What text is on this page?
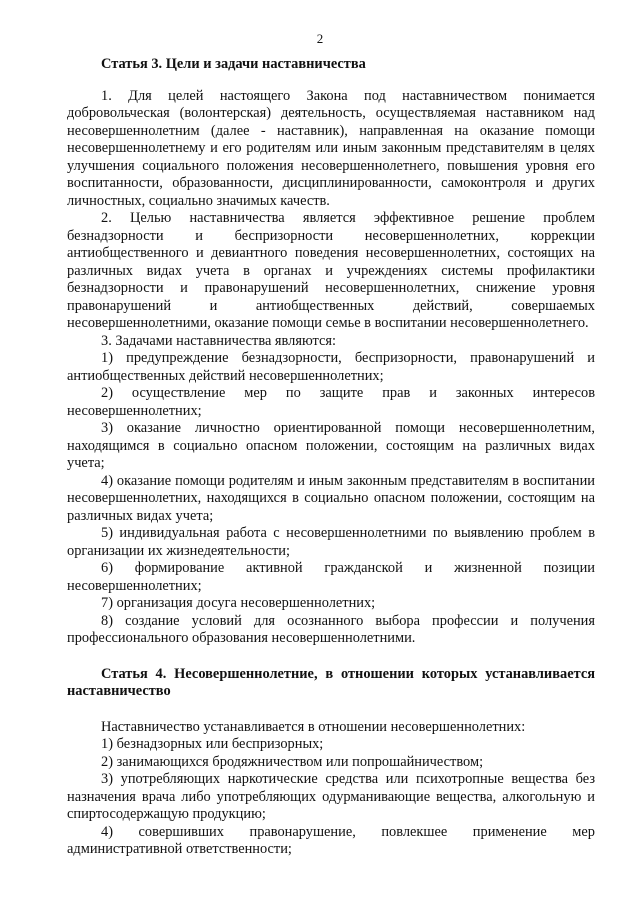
2
Статья 3. Цели и задачи наставничества
1. Для целей настоящего Закона под наставничеством понимается добровольческая (волонтерская) деятельность, осуществляемая наставником над несовершеннолетним (далее - наставник), направленная на оказание помощи несовершеннолетнему и его родителям или иным законным представителям в целях улучшения социального положения несовершеннолетнего, повышения уровня его воспитанности, образованности, дисциплинированности, самоконтроля и других личностных, социально значимых качеств.
2. Целью наставничества является эффективное решение проблем безнадзорности и беспризорности несовершеннолетних, коррекции антиобщественного и девиантного поведения несовершеннолетних, состоящих на различных видах учета в органах и учреждениях системы профилактики безнадзорности и правонарушений несовершеннолетних, снижение уровня правонарушений и антиобщественных действий, совершаемых несовершеннолетними, оказание помощи семье в воспитании несовершеннолетнего.
3. Задачами наставничества являются:
1) предупреждение безнадзорности, беспризорности, правонарушений и антиобщественных действий несовершеннолетних;
2) осуществление мер по защите прав и законных интересов несовершеннолетних;
3) оказание личностно ориентированной помощи несовершеннолетним, находящимся в социально опасном положении, состоящим на различных видах учета;
4) оказание помощи родителям и иным законным представителям в воспитании несовершеннолетних, находящихся в социально опасном положении, состоящим на различных видах учета;
5) индивидуальная работа с несовершеннолетними по выявлению проблем в организации их жизнедеятельности;
6) формирование активной гражданской и жизненной позиции несовершеннолетних;
7) организация досуга несовершеннолетних;
8) создание условий для осознанного выбора профессии и получения профессионального образования несовершеннолетними.
Статья 4. Несовершеннолетние, в отношении которых устанавливается наставничество
Наставничество устанавливается в отношении несовершеннолетних:
1) безнадзорных или беспризорных;
2) занимающихся бродяжничеством или попрошайничеством;
3) употребляющих наркотические средства или психотропные вещества без назначения врача либо употребляющих одурманивающие вещества, алкогольную и спиртосодержащую продукцию;
4) совершивших правонарушение, повлекшее применение мер административной ответственности;
